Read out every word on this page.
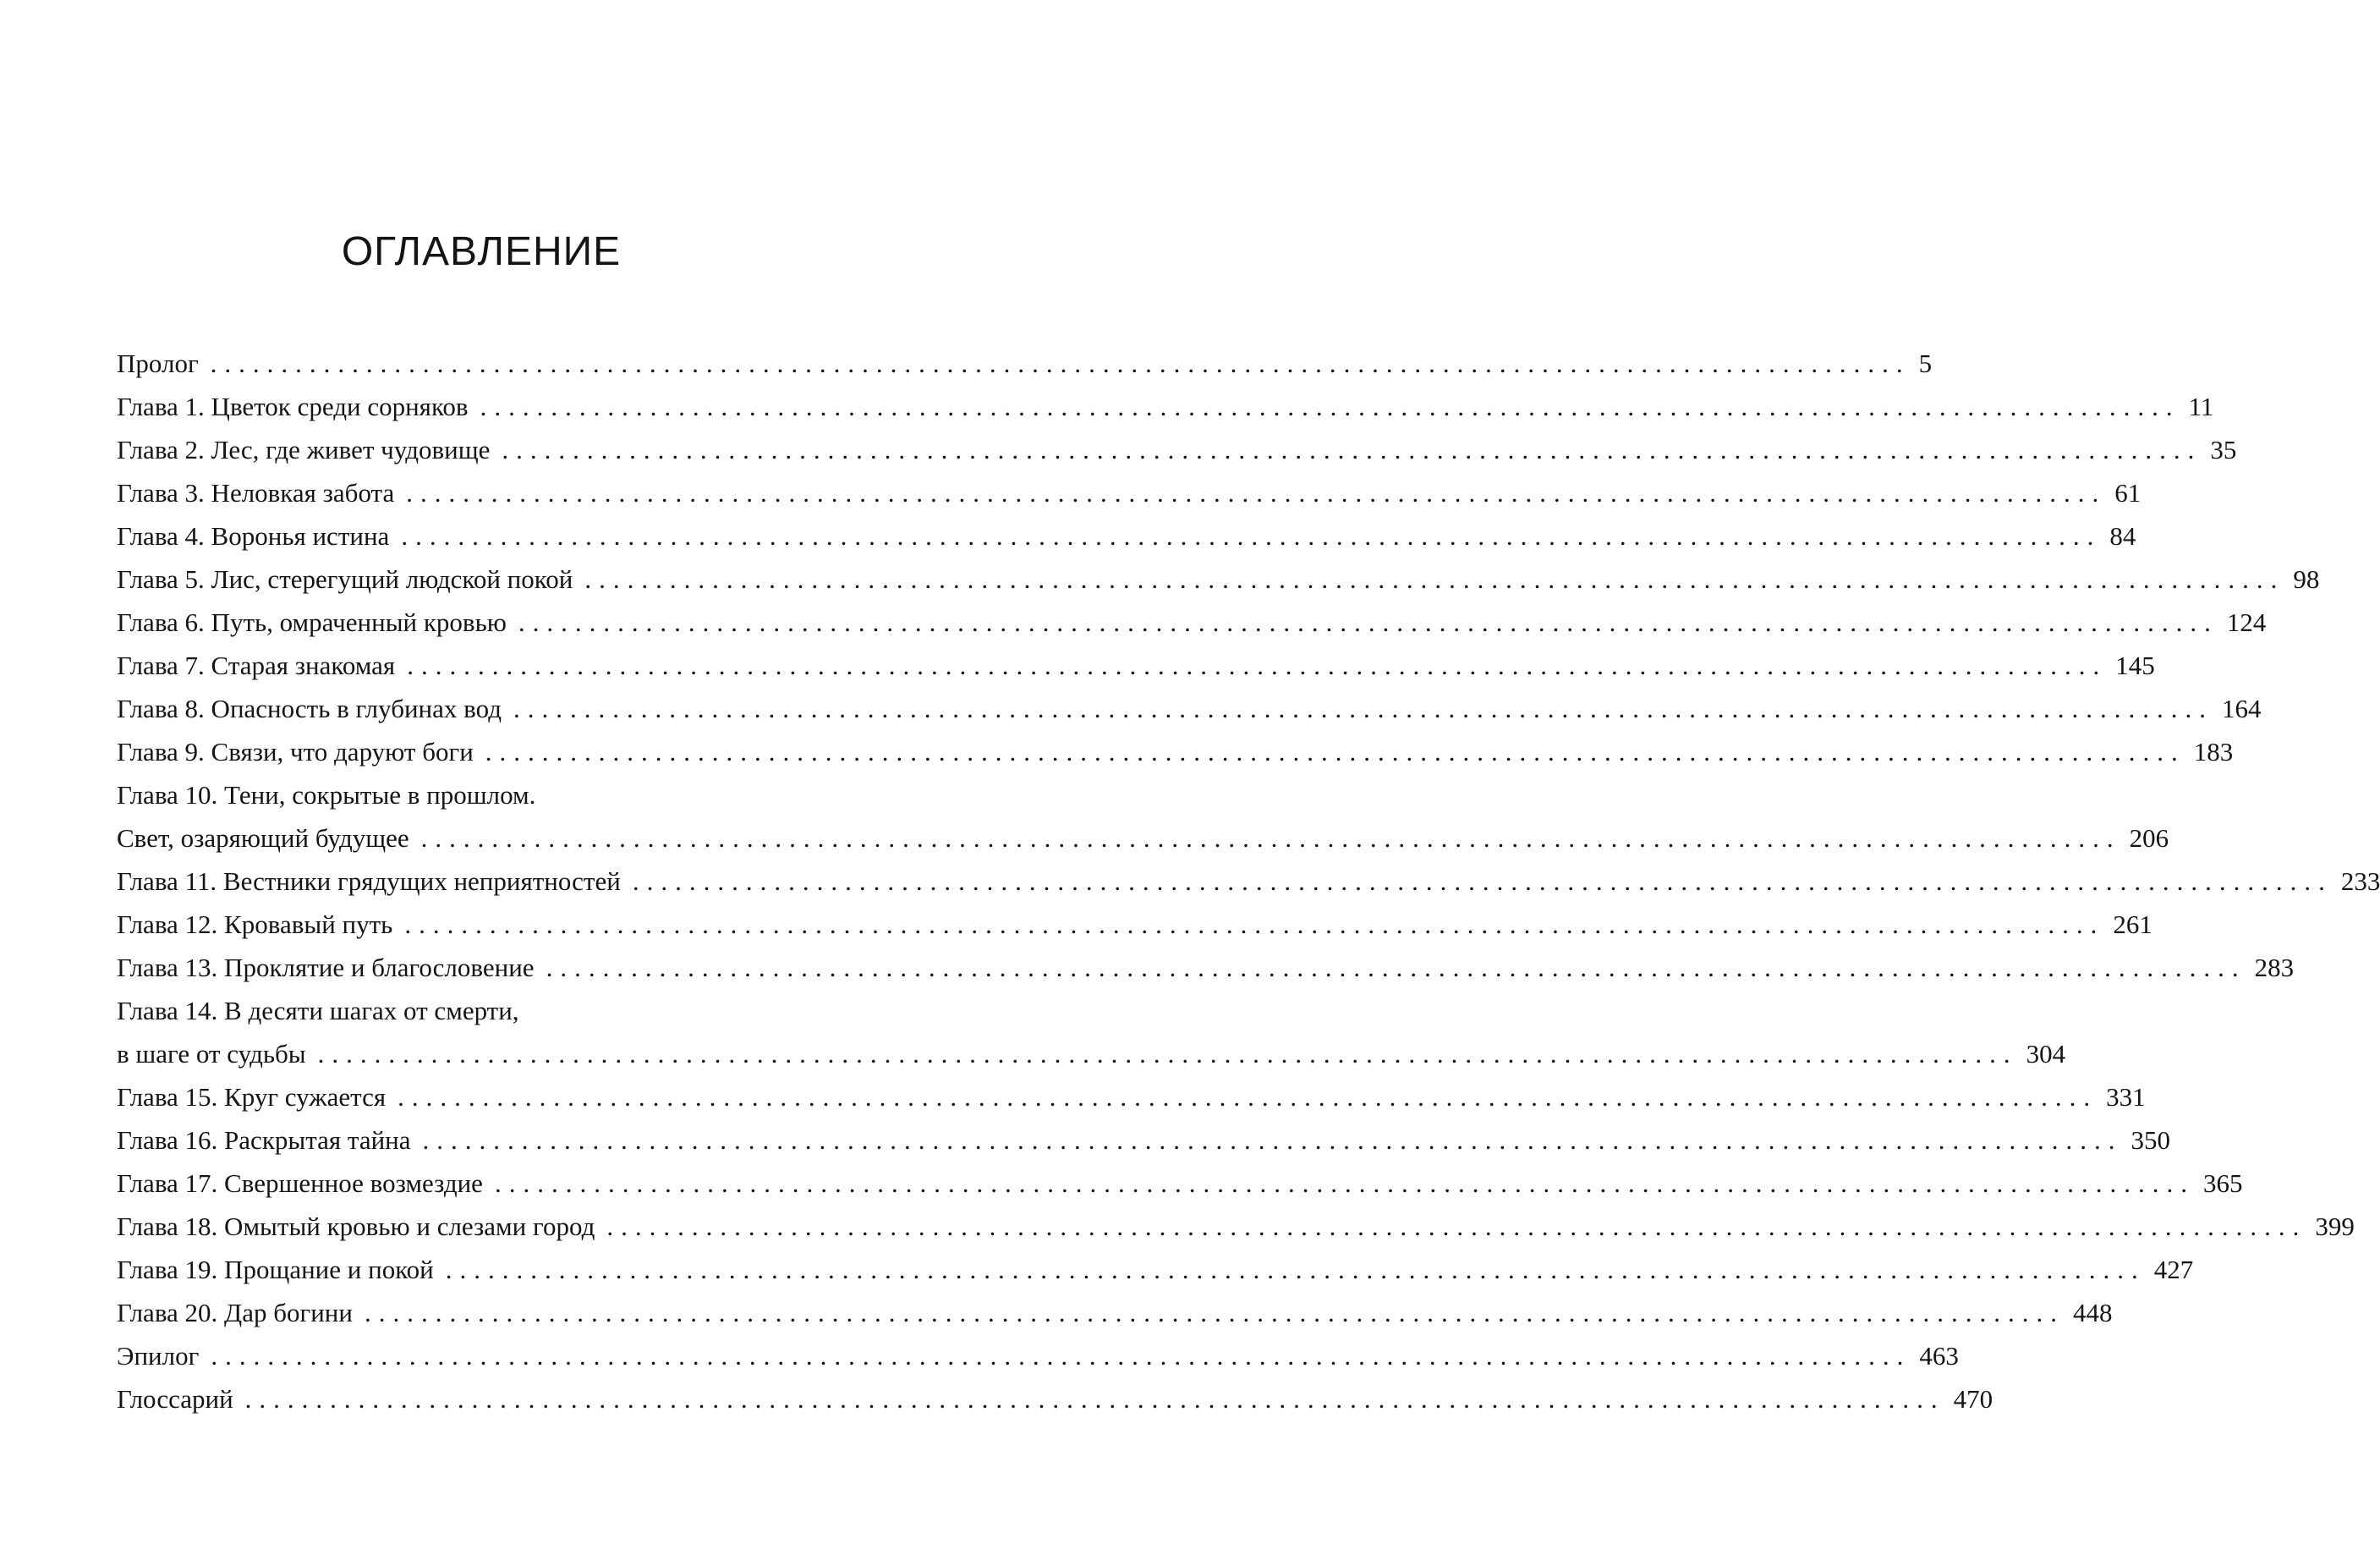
ОГЛАВЛЕНИЕ
Пролог ........................................................................................................................ 5
Глава 1. Цветок среди сорняков ........................................................................................................................ 11
Глава 2. Лес, где живет чудовище ........................................................................................................................ 35
Глава 3. Неловкая забота ........................................................................................................................ 61
Глава 4. Воронья истина ........................................................................................................................ 84
Глава 5. Лис, стерегущий людской покой ........................................................................................................................ 98
Глава 6. Путь, омраченный кровью ........................................................................................................................ 124
Глава 7. Старая знакомая ........................................................................................................................ 145
Глава 8. Опасность в глубинах вод ........................................................................................................................ 164
Глава 9. Связи, что даруют боги ........................................................................................................................ 183
Глава 10. Тени, сокрытые в прошлом.
Свет, озаряющий будущее ........................................................................................................................ 206
Глава 11. Вестники грядущих неприятностей ........................................................................................................................ 233
Глава 12. Кровавый путь ........................................................................................................................ 261
Глава 13. Проклятие и благословение ........................................................................................................................ 283
Глава 14. В десяти шагах от смерти,
в шаге от судьбы ........................................................................................................................ 304
Глава 15. Круг сужается ........................................................................................................................ 331
Глава 16. Раскрытая тайна ........................................................................................................................ 350
Глава 17. Свершенное возмездие ........................................................................................................................ 365
Глава 18. Омытый кровью и слезами город ........................................................................................................................ 399
Глава 19. Прощание и покой ........................................................................................................................ 427
Глава 20. Дар богини ........................................................................................................................ 448
Эпилог ........................................................................................................................ 463
Глоссарий ........................................................................................................................ 470
